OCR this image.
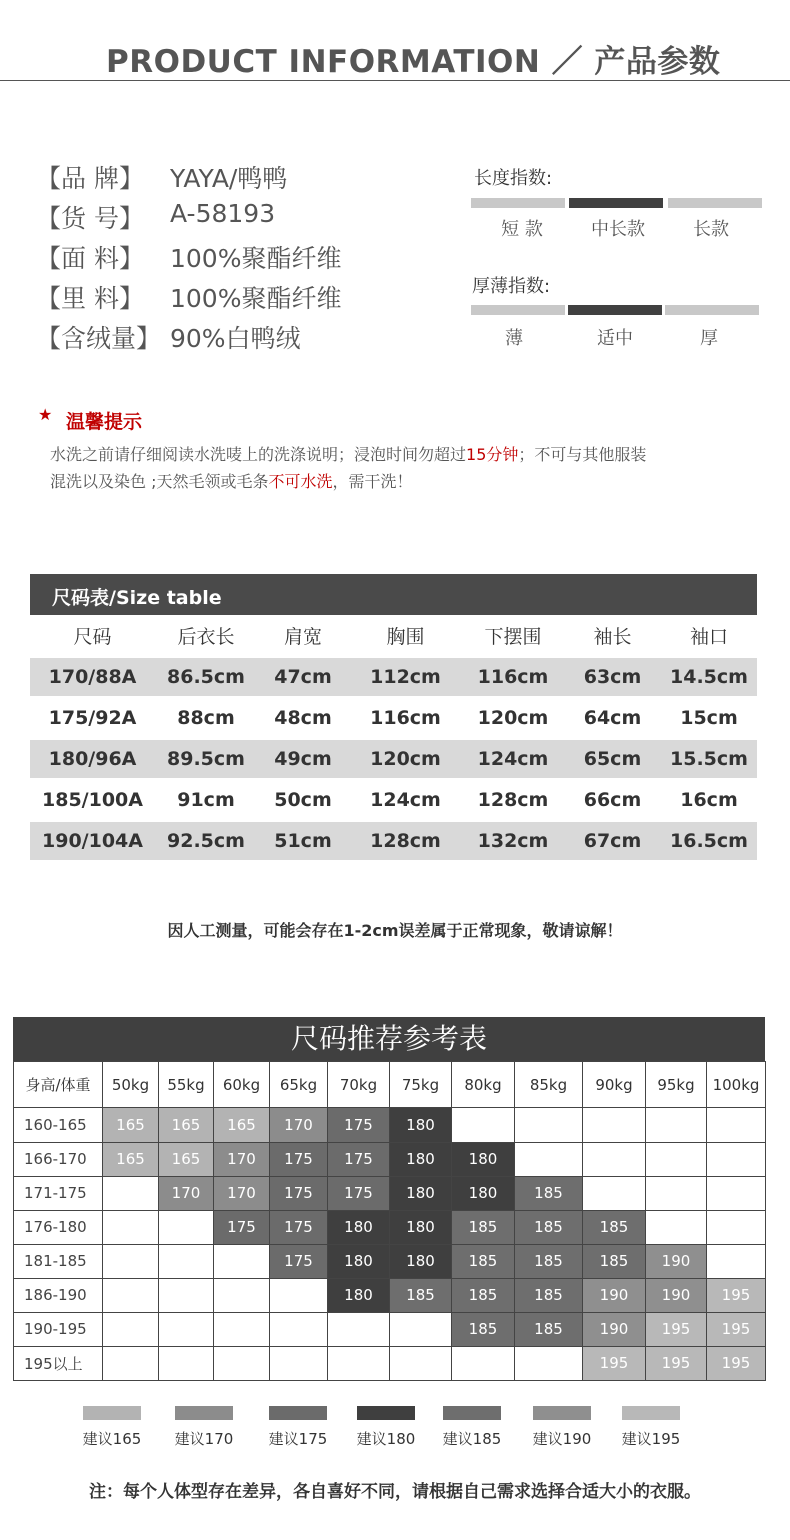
PRODUCT INFORMATION ／ 产品参数
【品 牌】 YAYA/鸭鸭
【货 号】 A-58193
【面 料】 100%聚酯纤维
【里 料】 100%聚酯纤维
【含绒量】 90%白鸭绒
长度指数:
短 款	中长款	长款
厚薄指数:
薄	适中	厚
★ 温馨提示
水洗之前请仔细阅读水洗唛上的洗涤说明；浸泡时间勿超过15分钟；不可与其他服装
混洗以及染色 ;天然毛领或毛条不可水洗，需干洗！
尺码表/Size table
尺码	后衣长	肩宽	胸围	下摆围	袖长	袖口
170/88A	86.5cm	47cm	112cm	116cm	63cm	14.5cm
175/92A	88cm	48cm	116cm	120cm	64cm	15cm
180/96A	89.5cm	49cm	120cm	124cm	65cm	15.5cm
185/100A	91cm	50cm	124cm	128cm	66cm	16cm
190/104A	92.5cm	51cm	128cm	132cm	67cm	16.5cm
因人工测量，可能会存在1-2cm误差属于正常现象，敬请谅解！
尺码推荐参考表
身高/体重	50kg	55kg	60kg	65kg	70kg	75kg	80kg	85kg	90kg	95kg	100kg
160-165	165	165	165	170	175	180					
166-170	165	165	170	175	175	180	180				
171-175		170	170	175	175	180	180	185			
176-180			175	175	180	180	185	185	185		
181-185				175	180	180	185	185	185	190	
186-190					180	185	185	185	190	190	195
190-195							185	185	190	195	195
195以上									195	195	195
建议165	建议170	建议175	建议180	建议185	建议190	建议195
注：每个人体型存在差异，各自喜好不同，请根据自己需求选择合适大小的衣服。
